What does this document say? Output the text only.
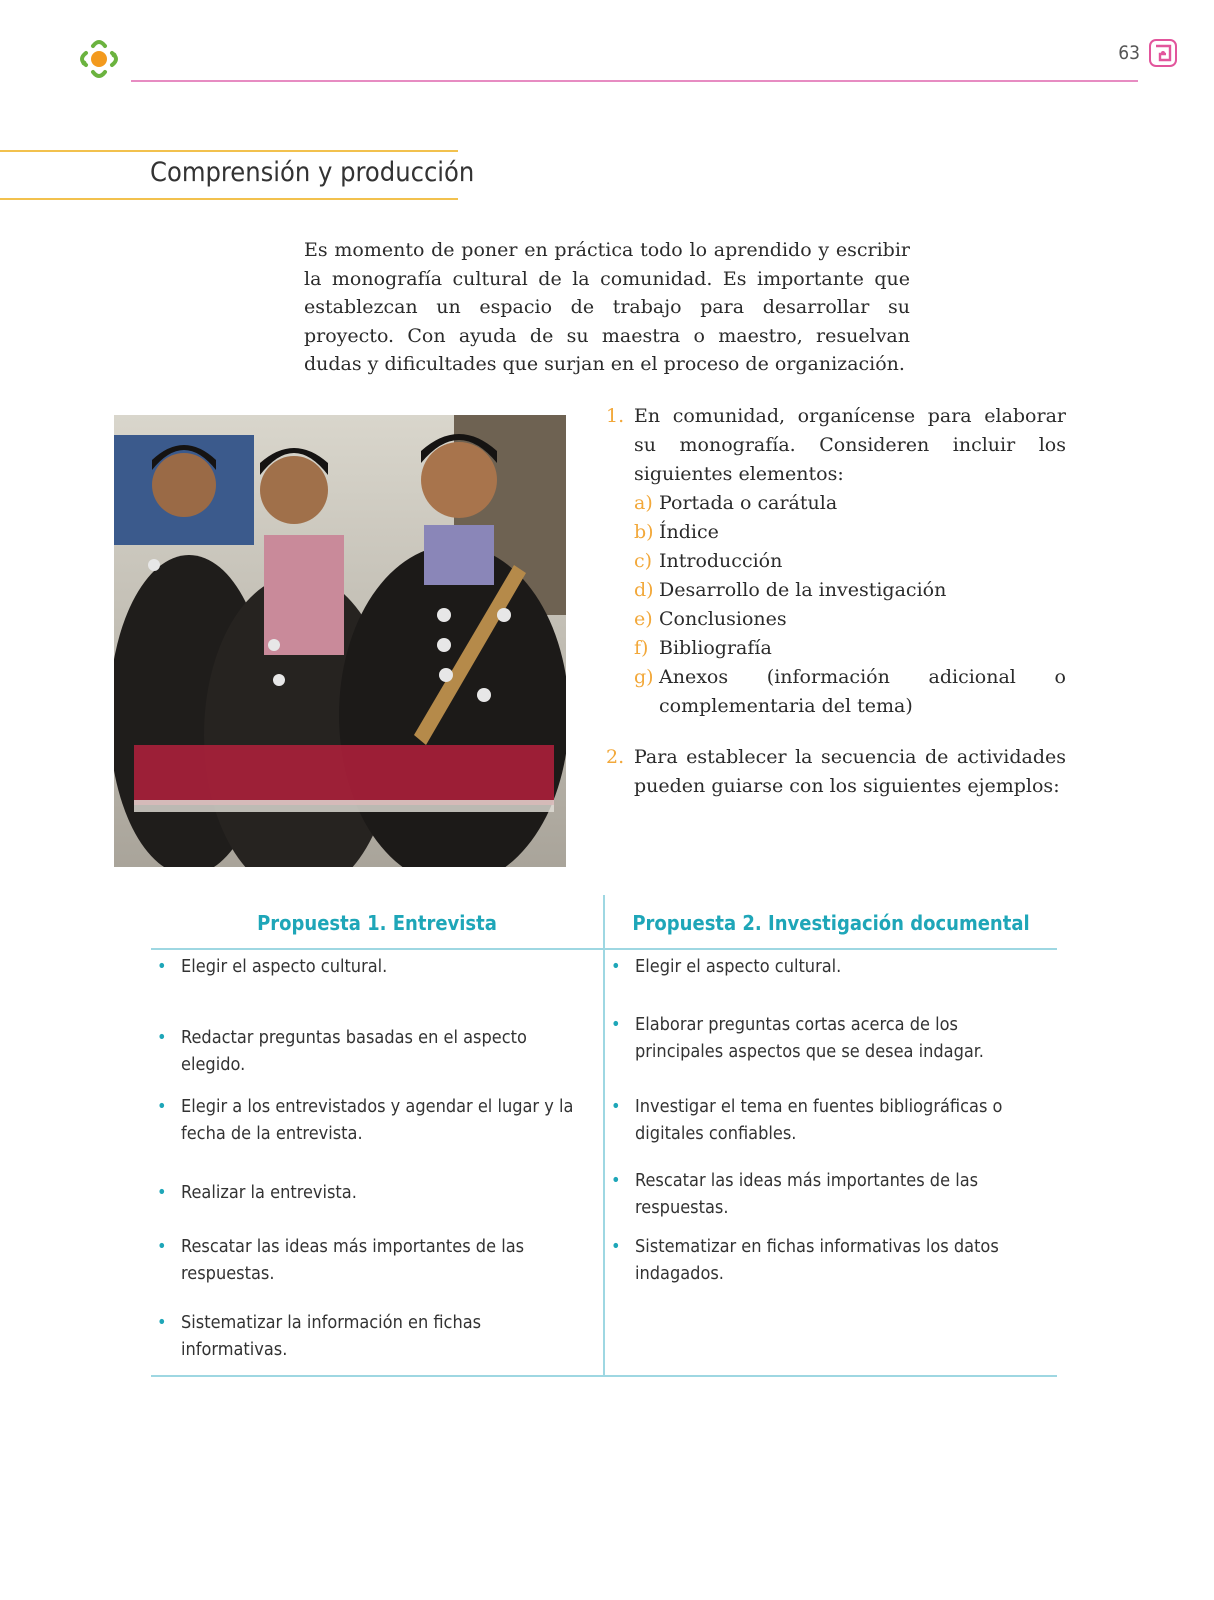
63
Comprensión y producción
Es momento de poner en práctica todo lo aprendido y escribir la monografía cultural de la comunidad. Es importante que establezcan un espacio de trabajo para desarrollar su proyecto. Con ayuda de su maestra o maestro, resuelvan dudas y dificultades que surjan en el proceso de organización.
1. En comunidad, organícense para elaborar su monografía. Consideren incluir los siguientes elementos:
a) Portada o carátula
b) Índice
c) Introducción
d) Desarrollo de la investigación
e) Conclusiones
f) Bibliografía
g) Anexos (información adicional o complementaria del tema)
2. Para establecer la secuencia de actividades pueden guiarse con los siguientes ejemplos:
Propuesta 1. Entrevista	Propuesta 2. Investigación documental
• Elegir el aspecto cultural.
• Redactar preguntas basadas en el aspecto elegido.
• Elegir a los entrevistados y agendar el lugar y la fecha de la entrevista.
• Realizar la entrevista.
• Rescatar las ideas más importantes de las respuestas.
• Sistematizar la información en fichas informativas.
• Elegir el aspecto cultural.
• Elaborar preguntas cortas acerca de los principales aspectos que se desea indagar.
• Investigar el tema en fuentes bibliográficas o digitales confiables.
• Rescatar las ideas más importantes de las respuestas.
• Sistematizar en fichas informativas los datos indagados.
